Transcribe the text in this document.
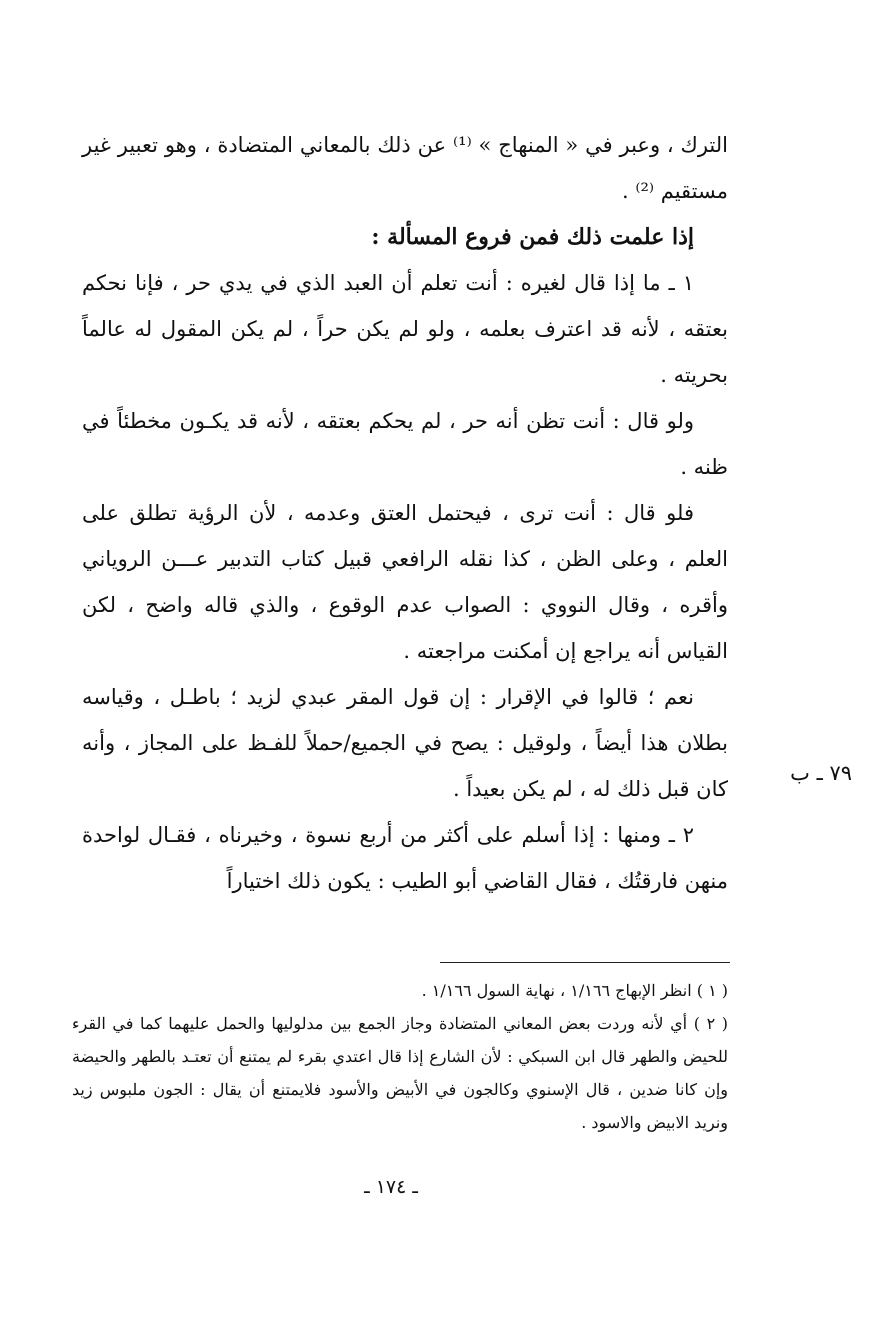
الترك ، وعبر في « المنهاج » ⁽¹⁾ عن ذلك بالمعاني المتضادة ، وهو تعبير غير مستقيم ⁽²⁾ .

إذا علمت ذلك فمن فروع المسألة :

١ ـ ما إذا قال لغيره : أنت تعلم أن العبد الذي في يدي حر ، فإنا نحكم بعتقه ، لأنه قد اعترف بعلمه ، ولو لم يكن حراً ، لم يكن المقول له عالماً بحريته .

ولو قال : أنت تظن أنه حر ، لم يحكم بعتقه ، لأنه قد يكـون مخطئاً في ظنه .

فلو قال : أنت ترى ، فيحتمل العتق وعدمه ، لأن الرؤية تطلق على العلم ، وعلى الظن ، كذا نقله الرافعي قبيل كتاب التدبير عـــن الروياني وأقره ، وقال النووي : الصواب عدم الوقوع ، والذي قاله واضح ، لكن القياس أنه يراجع إن أمكنت مراجعته .

نعم ؛ قالوا في الإقرار : إن قول المقر عبدي لزيد ؛ باطـل ، وقياسه بطلان هذا أيضاً ، ولوقيل : يصح في الجميع/حملاً للفـظ على المجاز ، وأنه كان قبل ذلك له ، لم يكن بعيداً .

٢ ـ ومنها : إذا أسلم على أكثر من أربع نسوة ، وخيرناه ، فقـال لواحدة منهن فارقتُك ، فقال القاضي أبو الطيب : يكون ذلك اختياراً

٧٩ ـ ب

( ١ ) انظر الإبهاج ١/١٦٦ ، نهاية السول ١/١٦٦ .

( ٢ ) أي لأنه وردت بعض المعاني المتضادة وجاز الجمع بين مدلوليها والحمل عليهما كما في القرء للحيض والطهر قال ابن السبكي : لأن الشارع إذا قال اعتدي بقرء لم يمتنع أن تعتـد بالطهر والحيضة وإن كانا ضدين ، قال الإسنوي وكالجون في الأبيض والأسود فلايمتنع أن يقال : الجون ملبوس زيد ونريد الابيض والاسود .

ـ ١٧٤ ـ
